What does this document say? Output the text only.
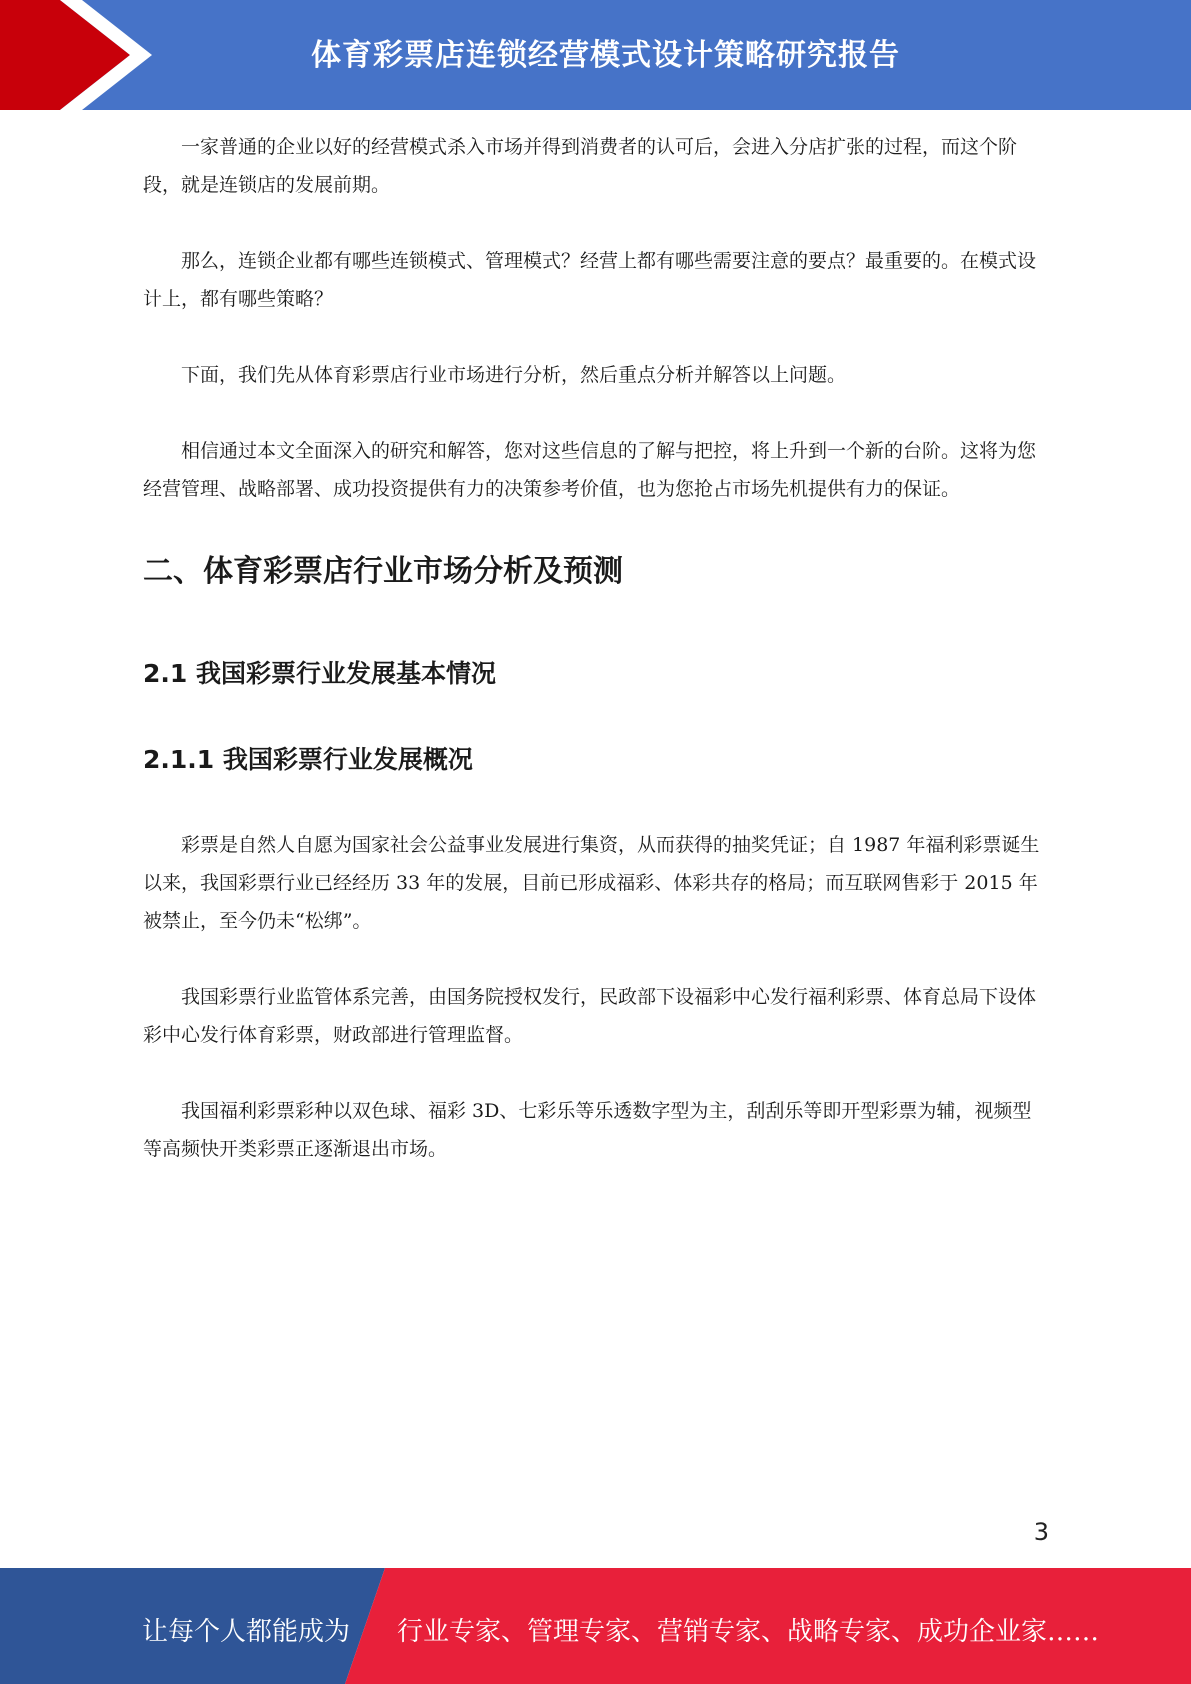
体育彩票店连锁经营模式设计策略研究报告

一家普通的企业以好的经营模式杀入市场并得到消费者的认可后，会进入分店扩张的过程，而这个阶段，就是连锁店的发展前期。

那么，连锁企业都有哪些连锁模式、管理模式？经营上都有哪些需要注意的要点？最重要的。在模式设计上，都有哪些策略？

下面，我们先从体育彩票店行业市场进行分析，然后重点分析并解答以上问题。

相信通过本文全面深入的研究和解答，您对这些信息的了解与把控，将上升到一个新的台阶。这将为您经营管理、战略部署、成功投资提供有力的决策参考价值，也为您抢占市场先机提供有力的保证。

二、体育彩票店行业市场分析及预测
2.1 我国彩票行业发展基本情况
2.1.1 我国彩票行业发展概况

彩票是自然人自愿为国家社会公益事业发展进行集资，从而获得的抽奖凭证；自 1987 年福利彩票诞生以来，我国彩票行业已经经历 33 年的发展，目前已形成福彩、体彩共存的格局；而互联网售彩于 2015 年被禁止，至今仍未“松绑”。

我国彩票行业监管体系完善，由国务院授权发行，民政部下设福彩中心发行福利彩票、体育总局下设体彩中心发行体育彩票，财政部进行管理监督。

我国福利彩票彩种以双色球、福彩 3D、七彩乐等乐透数字型为主，刮刮乐等即开型彩票为辅，视频型等高频快开类彩票正逐渐退出市场。

3
让每个人都能成为 行业专家、管理专家、营销专家、战略专家、成功企业家……
